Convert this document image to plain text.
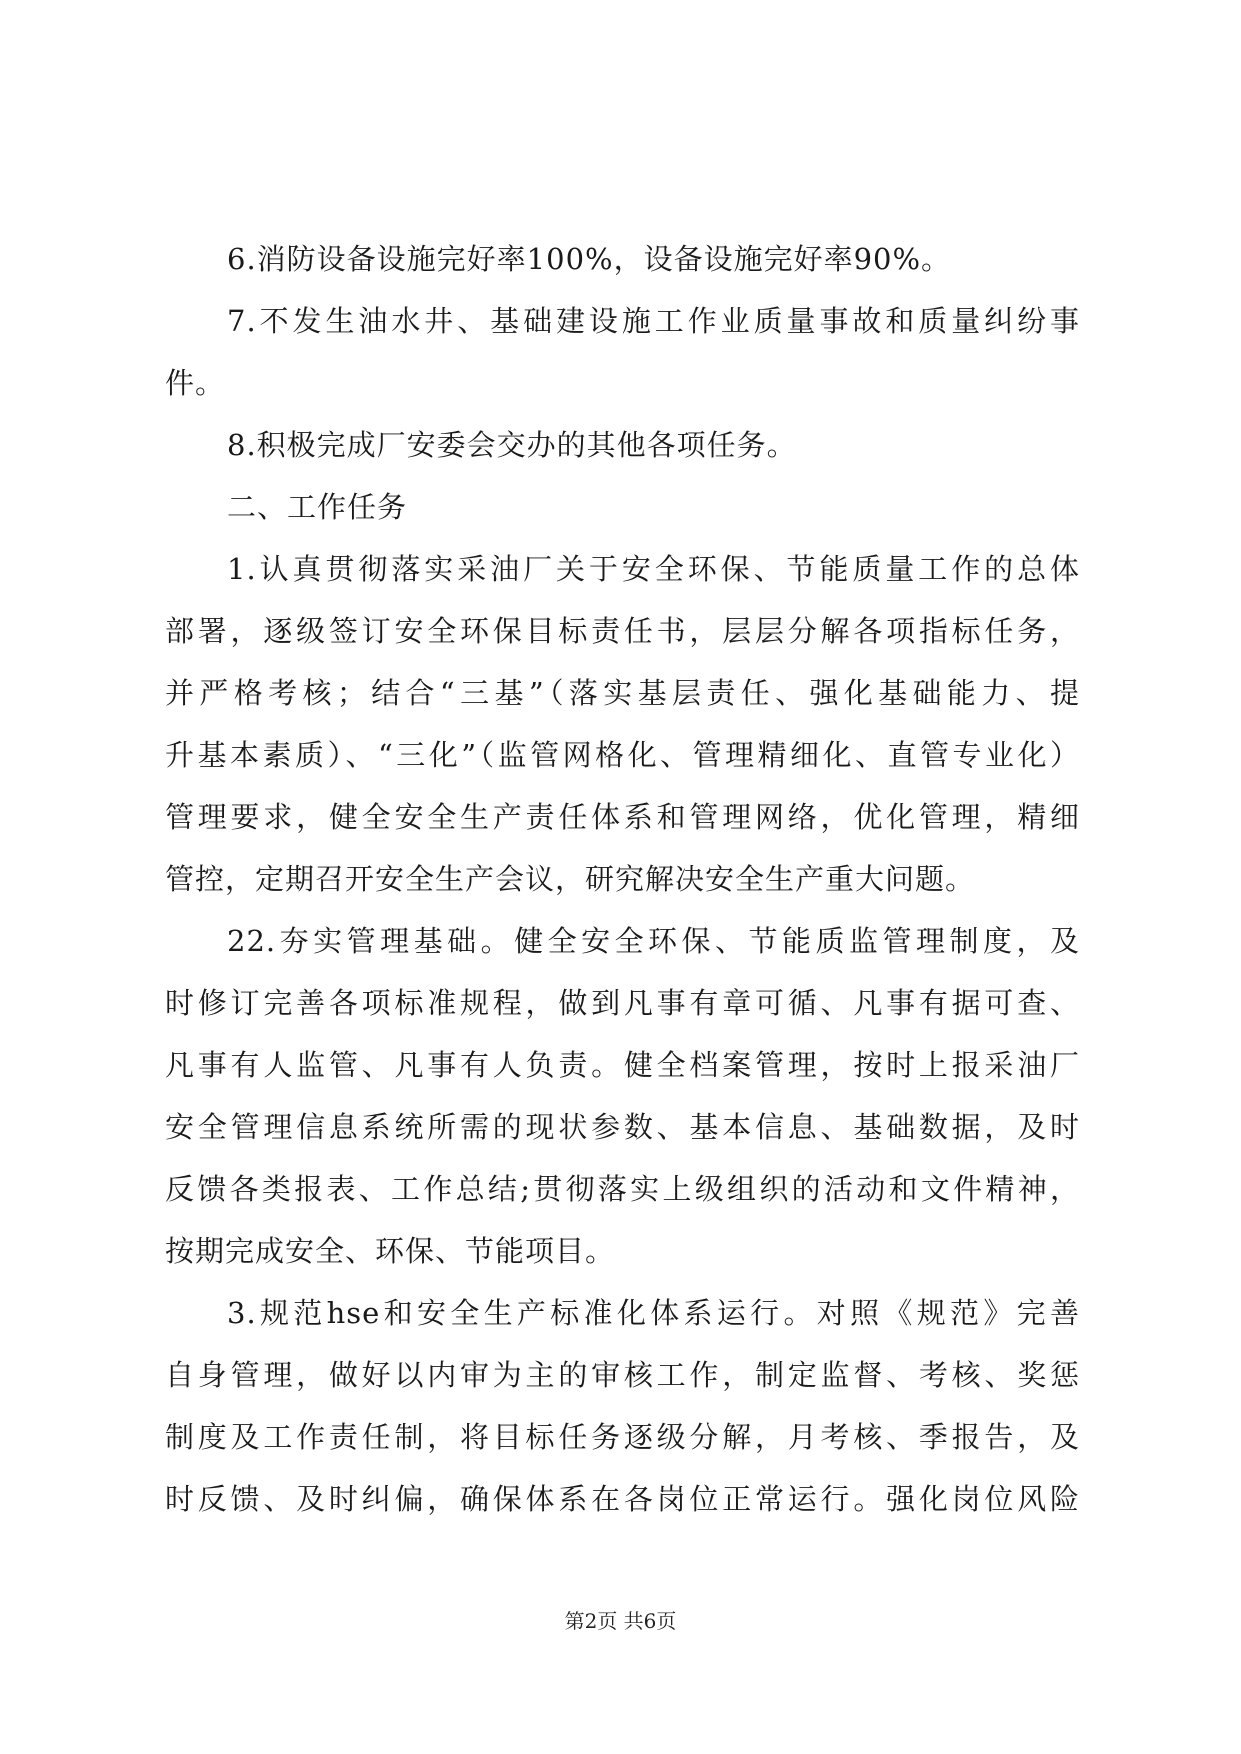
6.消防设备设施完好率100%，设备设施完好率90%。
7.不发生油水井、基础建设施工作业质量事故和质量纠纷事
件。
8.积极完成厂安委会交办的其他各项任务。
二、工作任务
1.认真贯彻落实采油厂关于安全环保、节能质量工作的总体
部署，逐级签订安全环保目标责任书，层层分解各项指标任务，
并严格考核；结合“三基”（落实基层责任、强化基础能力、提
升基本素质）、“三化”（监管网格化、管理精细化、直管专业化）
管理要求，健全安全生产责任体系和管理网络，优化管理，精细
管控，定期召开安全生产会议，研究解决安全生产重大问题。
22.夯实管理基础。健全安全环保、节能质监管理制度，及
时修订完善各项标准规程，做到凡事有章可循、凡事有据可查、
凡事有人监管、凡事有人负责。健全档案管理，按时上报采油厂
安全管理信息系统所需的现状参数、基本信息、基础数据，及时
反馈各类报表、工作总结;贯彻落实上级组织的活动和文件精神，
按期完成安全、环保、节能项目。
3.规范hse和安全生产标准化体系运行。对照《规范》完善
自身管理，做好以内审为主的审核工作，制定监督、考核、奖惩
制度及工作责任制，将目标任务逐级分解，月考核、季报告，及
时反馈、及时纠偏，确保体系在各岗位正常运行。强化岗位风险
第2页 共6页
